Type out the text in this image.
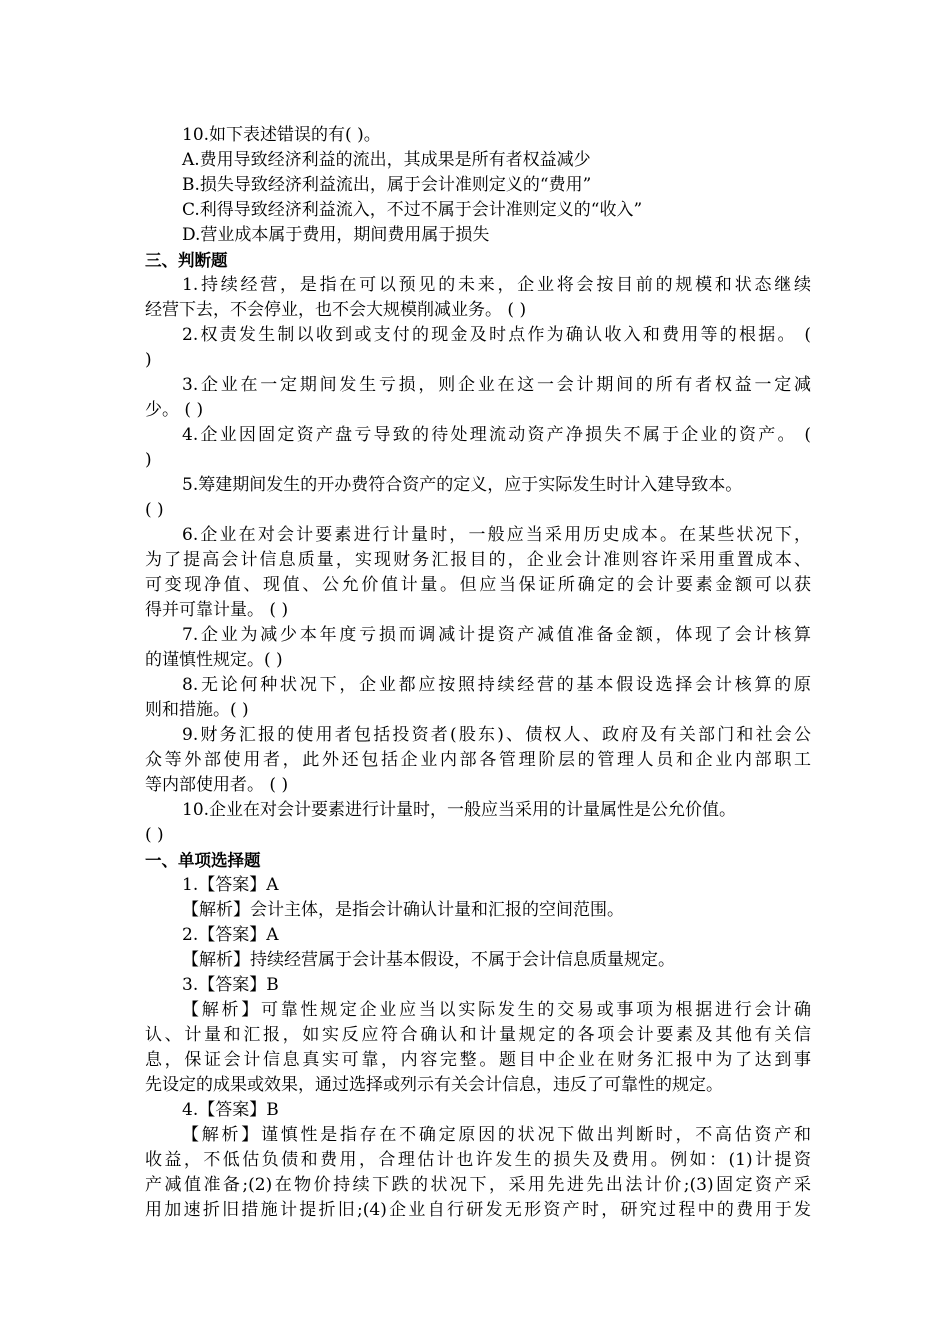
10.如下表述错误的有( )。
A.费用导致经济利益的流出，其成果是所有者权益减少
B.损失导致经济利益流出，属于会计准则定义的“费用”
C.利得导致经济利益流入，不过不属于会计准则定义的“收入”
D.营业成本属于费用，期间费用属于损失
三、判断题
1.持续经营，是指在可以预见的未来，企业将会按目前的规模和状态继续
经营下去，不会停业，也不会大规模削减业务。 ( )
2.权责发生制以收到或支付的现金及时点作为确认收入和费用等的根据。 (
)
3.企业在一定期间发生亏损，则企业在这一会计期间的所有者权益一定减
少。 ( )
4.企业因固定资产盘亏导致的待处理流动资产净损失不属于企业的资产。 (
)
5.筹建期间发生的开办费符合资产的定义，应于实际发生时计入建导致本。
( )
6.企业在对会计要素进行计量时，一般应当采用历史成本。在某些状况下，
为了提高会计信息质量，实现财务汇报目的，企业会计准则容许采用重置成本、
可变现净值、现值、公允价值计量。但应当保证所确定的会计要素金额可以获
得并可靠计量。 ( )
7.企业为减少本年度亏损而调减计提资产减值准备金额，体现了会计核算
的谨慎性规定。( )
8.无论何种状况下，企业都应按照持续经营的基本假设选择会计核算的原
则和措施。( )
9.财务汇报的使用者包括投资者(股东)、债权人、政府及有关部门和社会公
众等外部使用者，此外还包括企业内部各管理阶层的管理人员和企业内部职工
等内部使用者。 ( )
10.企业在对会计要素进行计量时，一般应当采用的计量属性是公允价值。
( )
一、单项选择题
1.【答案】A
【解析】会计主体，是指会计确认计量和汇报的空间范围。
2.【答案】A
【解析】持续经营属于会计基本假设，不属于会计信息质量规定。
3.【答案】B
【解析】可靠性规定企业应当以实际发生的交易或事项为根据进行会计确
认、计量和汇报，如实反应符合确认和计量规定的各项会计要素及其他有关信
息，保证会计信息真实可靠，内容完整。题目中企业在财务汇报中为了达到事
先设定的成果或效果，通过选择或列示有关会计信息，违反了可靠性的规定。
4.【答案】B
【解析】谨慎性是指存在不确定原因的状况下做出判断时，不高估资产和
收益，不低估负债和费用，合理估计也许发生的损失及费用。例如：(1)计提资
产减值准备;(2)在物价持续下跌的状况下，采用先进先出法计价;(3)固定资产采
用加速折旧措施计提折旧;(4)企业自行研发无形资产时，研究过程中的费用于发
